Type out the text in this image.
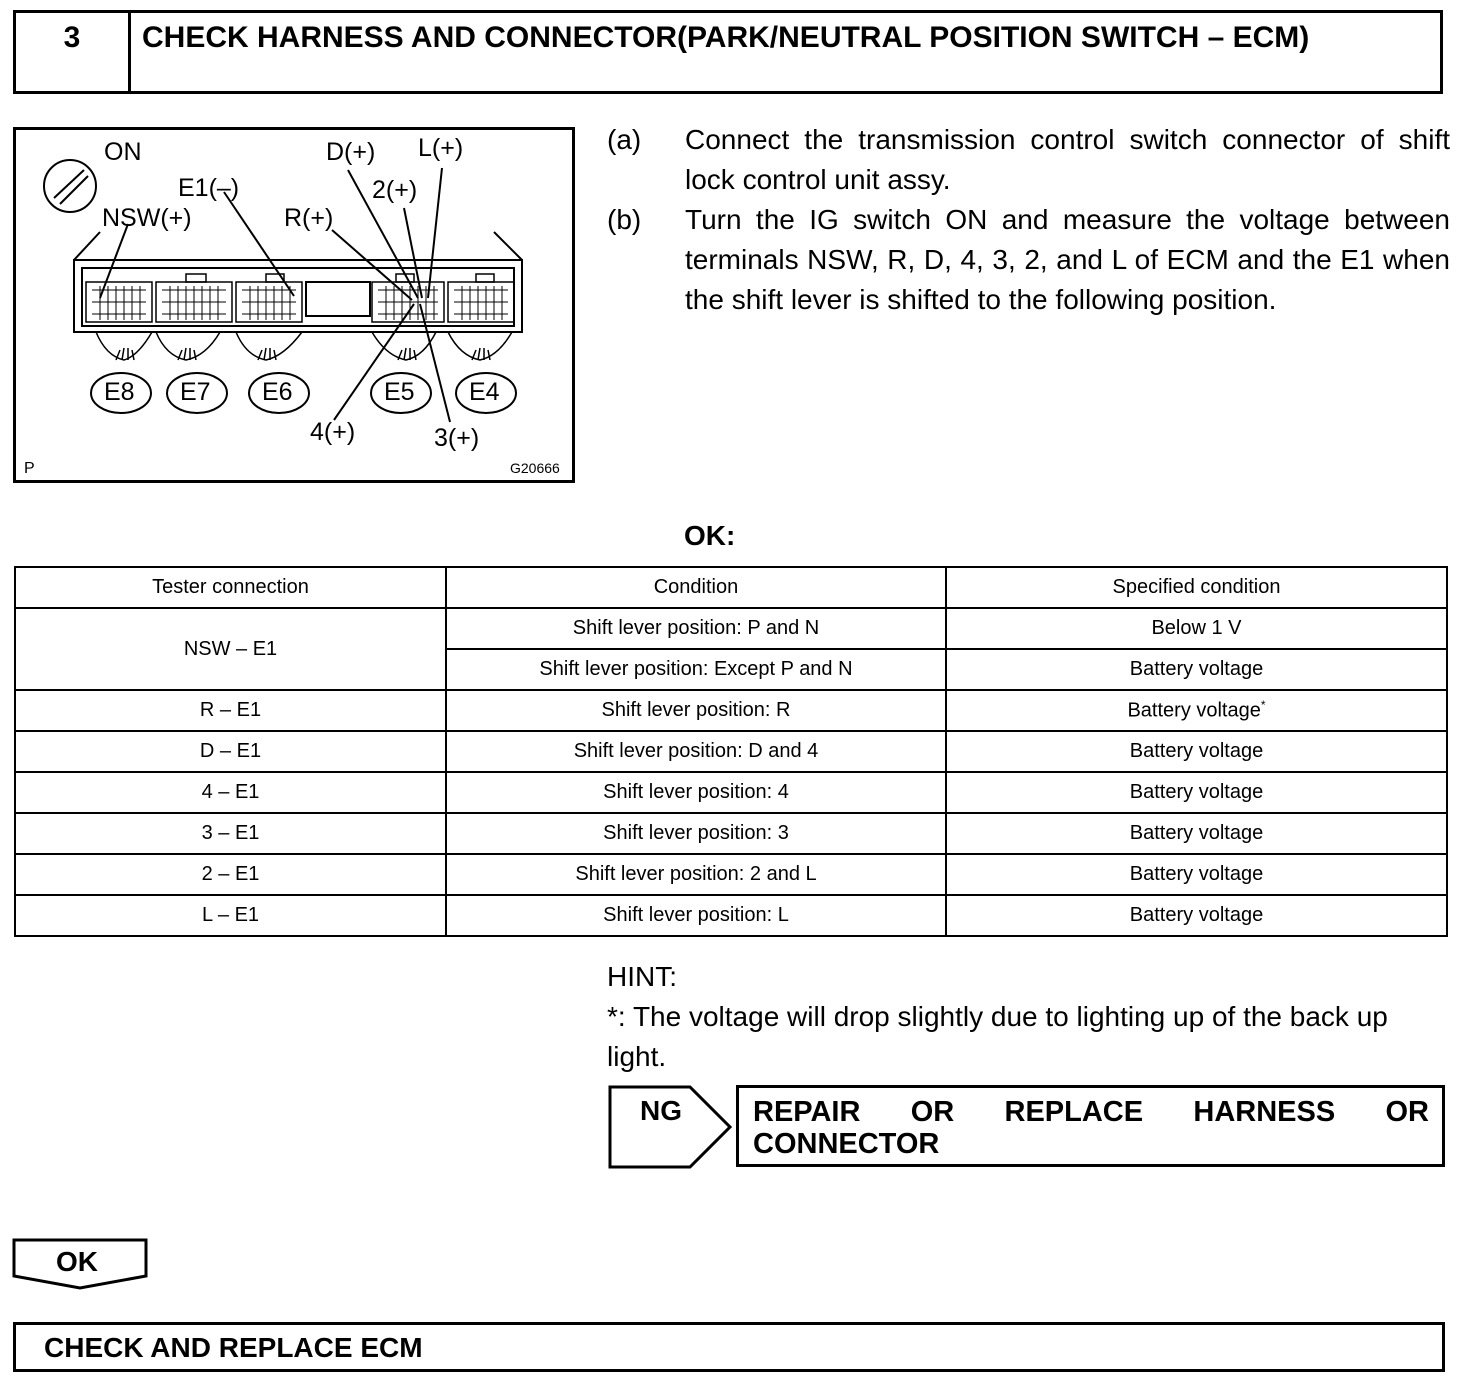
3	CHECK HARNESS AND CONNECTOR(PARK/NEUTRAL POSITION SWITCH – ECM)
ON
E1(–)
NSW(+)	R(+)
D(+) L(+)
2(+)
4(+)	3(+)
E8 E7 E6	E5 E4
P	G20666
(a) Connect the transmission control switch connector of shift lock control unit assy.
(b) Turn the IG switch ON and measure the voltage between terminals NSW, R, D, 4, 3, 2, and L of ECM and the E1 when the shift lever is shifted to the following position.
OK:
Tester connection	Condition	Specified condition
NSW – E1	Shift lever position: P and N	Below 1 V
	Shift lever position: Except P and N	Battery voltage
R – E1	Shift lever position: R	Battery voltage*
D – E1	Shift lever position: D and 4	Battery voltage
4 – E1	Shift lever position: 4	Battery voltage
3 – E1	Shift lever position: 3	Battery voltage
2 – E1	Shift lever position: 2 and L	Battery voltage
L – E1	Shift lever position: L	Battery voltage
HINT:
*: The voltage will drop slightly due to lighting up of the back up light.
NG REPAIR OR REPLACE HARNESS OR
CONNECTOR
OK
CHECK AND REPLACE ECM
